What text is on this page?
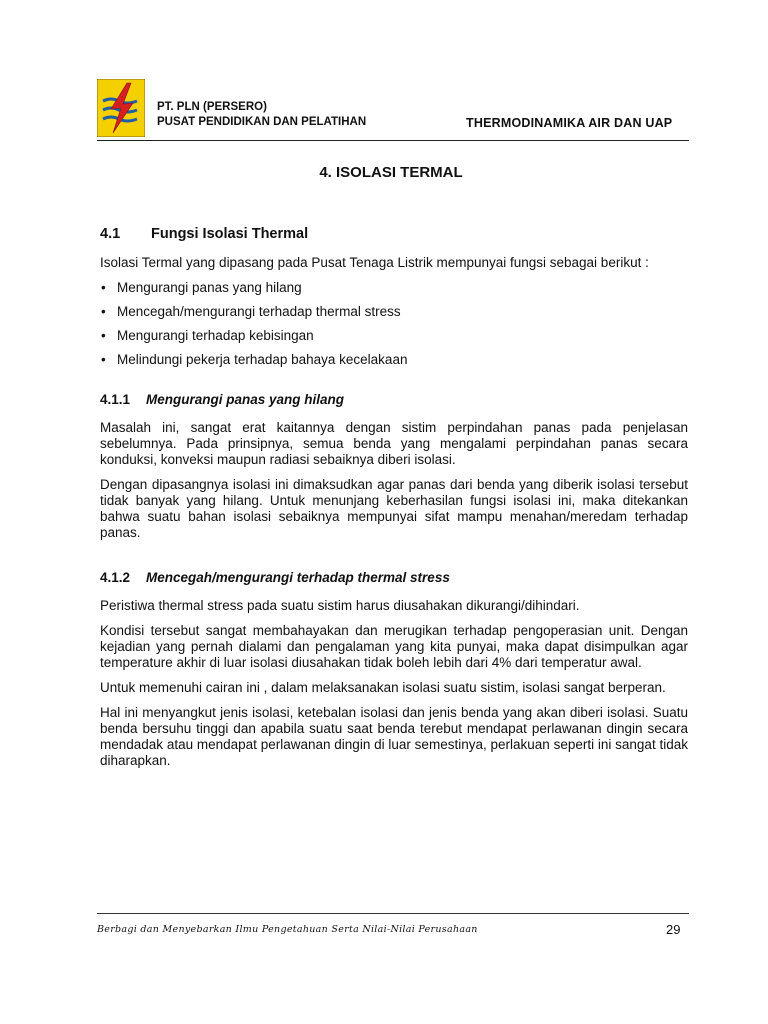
PT. PLN (PERSERO)
PUSAT PENDIDIKAN DAN PELATIHAN	THERMODINAMIKA AIR DAN UAP
4. ISOLASI TERMAL
4.1 Fungsi Isolasi Thermal

Isolasi Termal yang dipasang pada Pusat Tenaga Listrik mempunyai fungsi sebagai berikut :

• Mengurangi panas yang hilang
• Mencegah/mengurangi terhadap thermal stress
• Mengurangi terhadap kebisingan
• Melindungi pekerja terhadap bahaya kecelakaan
4.1.1 Mengurangi panas yang hilang

Masalah ini, sangat erat kaitannya dengan sistim perpindahan panas pada penjelasan sebelumnya. Pada prinsipnya, semua benda yang mengalami perpindahan panas secara konduksi, konveksi maupun radiasi sebaiknya diberi isolasi.

Dengan dipasangnya isolasi ini dimaksudkan agar panas dari benda yang diberik isolasi tersebut tidak banyak yang hilang. Untuk menunjang keberhasilan fungsi isolasi ini, maka ditekankan bahwa suatu bahan isolasi sebaiknya mempunyai sifat mampu menahan/meredam terhadap panas.

4.1.2 Mencegah/mengurangi terhadap thermal stress

Peristiwa thermal stress pada suatu sistim harus diusahakan dikurangi/dihindari.

Kondisi tersebut sangat membahayakan dan merugikan terhadap pengoperasian unit. Dengan kejadian yang pernah dialami dan pengalaman yang kita punyai, maka dapat disimpulkan agar temperature akhir di luar isolasi diusahakan tidak boleh lebih dari 4% dari temperatur awal.

Untuk memenuhi cairan ini , dalam melaksanakan isolasi suatu sistim, isolasi sangat berperan.

Hal ini menyangkut jenis isolasi, ketebalan isolasi dan jenis benda yang akan diberi isolasi. Suatu benda bersuhu tinggi dan apabila suatu saat benda terebut mendapat perlawanan dingin secara mendadak atau mendapat perlawanan dingin di luar semestinya, perlakuan seperti ini sangat tidak diharapkan.

Berbagi dan Menyebarkan Ilmu Pengetahuan Serta Nilai-Nilai Perusahaan	29
